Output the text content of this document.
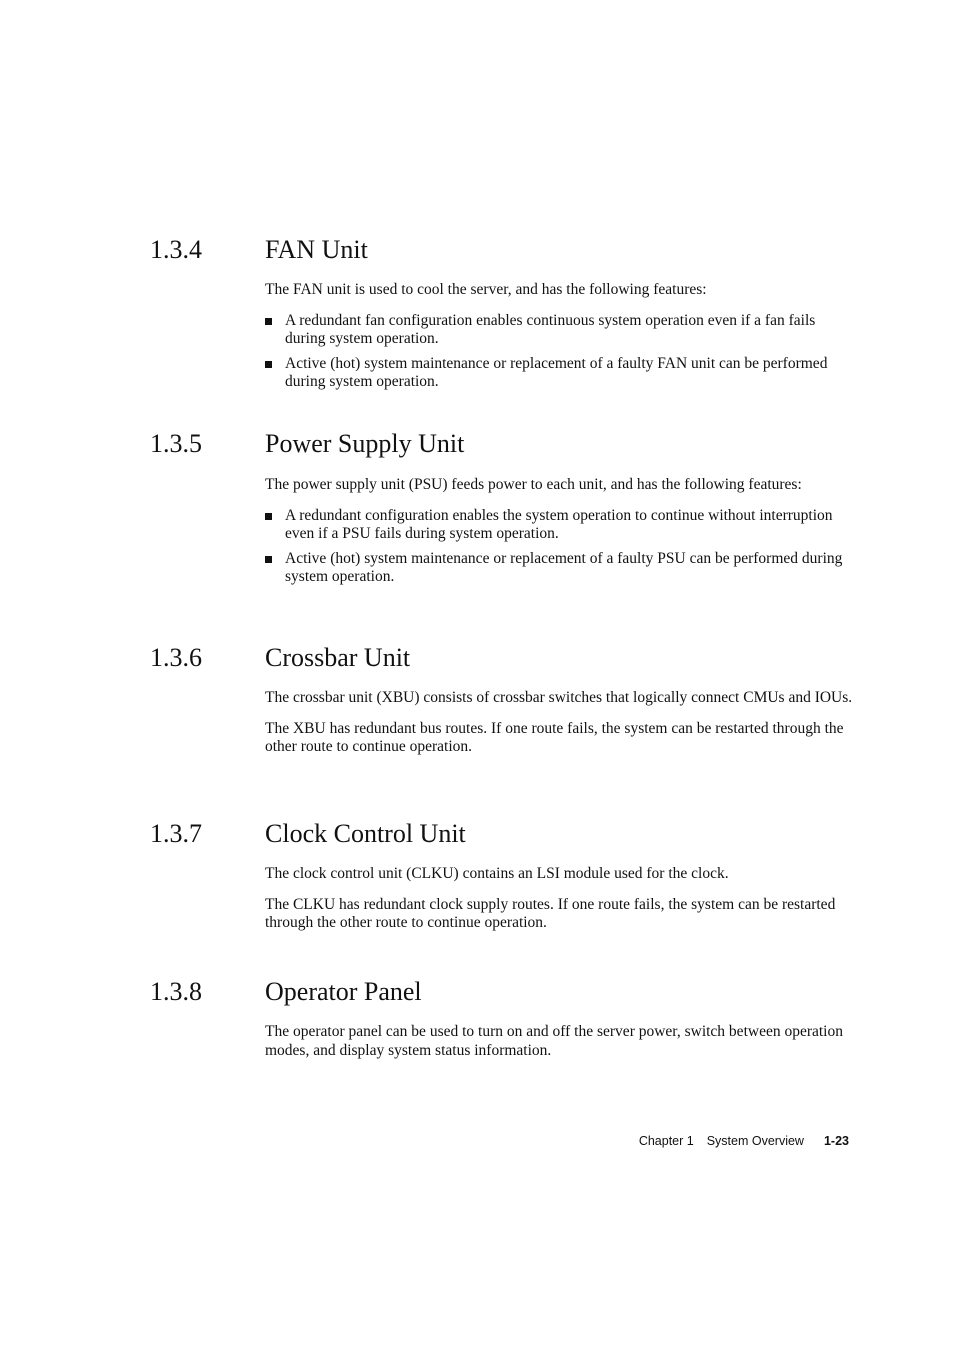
1.3.4 FAN Unit

The FAN unit is used to cool the server, and has the following features:

A redundant fan configuration enables continuous system operation even if a fan fails during system operation.
Active (hot) system maintenance or replacement of a faulty FAN unit can be performed during system operation.
1.3.5 Power Supply Unit

The power supply unit (PSU) feeds power to each unit, and has the following features:

A redundant configuration enables the system operation to continue without interruption even if a PSU fails during system operation.
Active (hot) system maintenance or replacement of a faulty PSU can be performed during system operation.
1.3.6 Crossbar Unit

The crossbar unit (XBU) consists of crossbar switches that logically connect CMUs and IOUs.

The XBU has redundant bus routes. If one route fails, the system can be restarted through the other route to continue operation.

1.3.7 Clock Control Unit

The clock control unit (CLKU) contains an LSI module used for the clock.

The CLKU has redundant clock supply routes. If one route fails, the system can be restarted through the other route to continue operation.

1.3.8 Operator Panel

The operator panel can be used to turn on and off the server power, switch between operation modes, and display system status information.

Chapter 1 System Overview 1-23
